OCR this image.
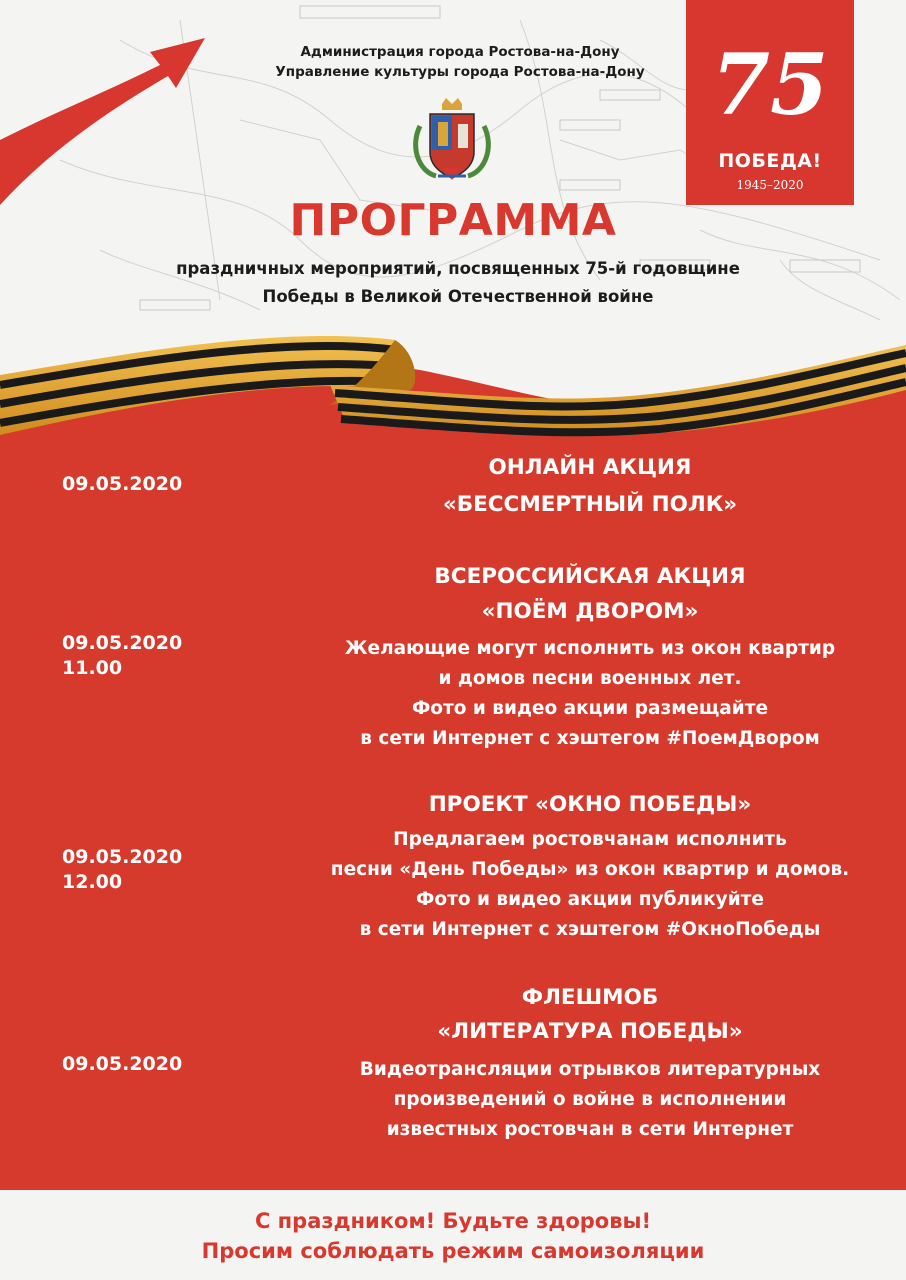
Администрация города Ростова-на-Дону
Управление культуры города Ростова-на-Дону
ПРОГРАММА
праздничных мероприятий, посвященных 75-й годовщине
Победы в Великой Отечественной войне
75
ПОБЕДА!
1945–2020
09.05.2020
ОНЛАЙН АКЦИЯ
«БЕССМЕРТНЫЙ ПОЛК»
09.05.2020
11.00
ВСЕРОССИЙСКАЯ АКЦИЯ
«ПОЁМ ДВОРОМ»
Желающие могут исполнить из окон квартир
и домов песни военных лет.
Фото и видео акции размещайте
в сети Интернет с хэштегом #ПоемДвором
09.05.2020
12.00
ПРОЕКТ «ОКНО ПОБЕДЫ»
Предлагаем ростовчанам исполнить
песни «День Победы» из окон квартир и домов.
Фото и видео акции публикуйте
в сети Интернет с хэштегом #ОкноПобеды
09.05.2020
ФЛЕШМОБ
«ЛИТЕРАТУРА ПОБЕДЫ»
Видеотрансляции отрывков литературных
произведений о войне в исполнении
известных ростовчан в сети Интернет
С праздником! Будьте здоровы!
Просим соблюдать режим самоизоляции
